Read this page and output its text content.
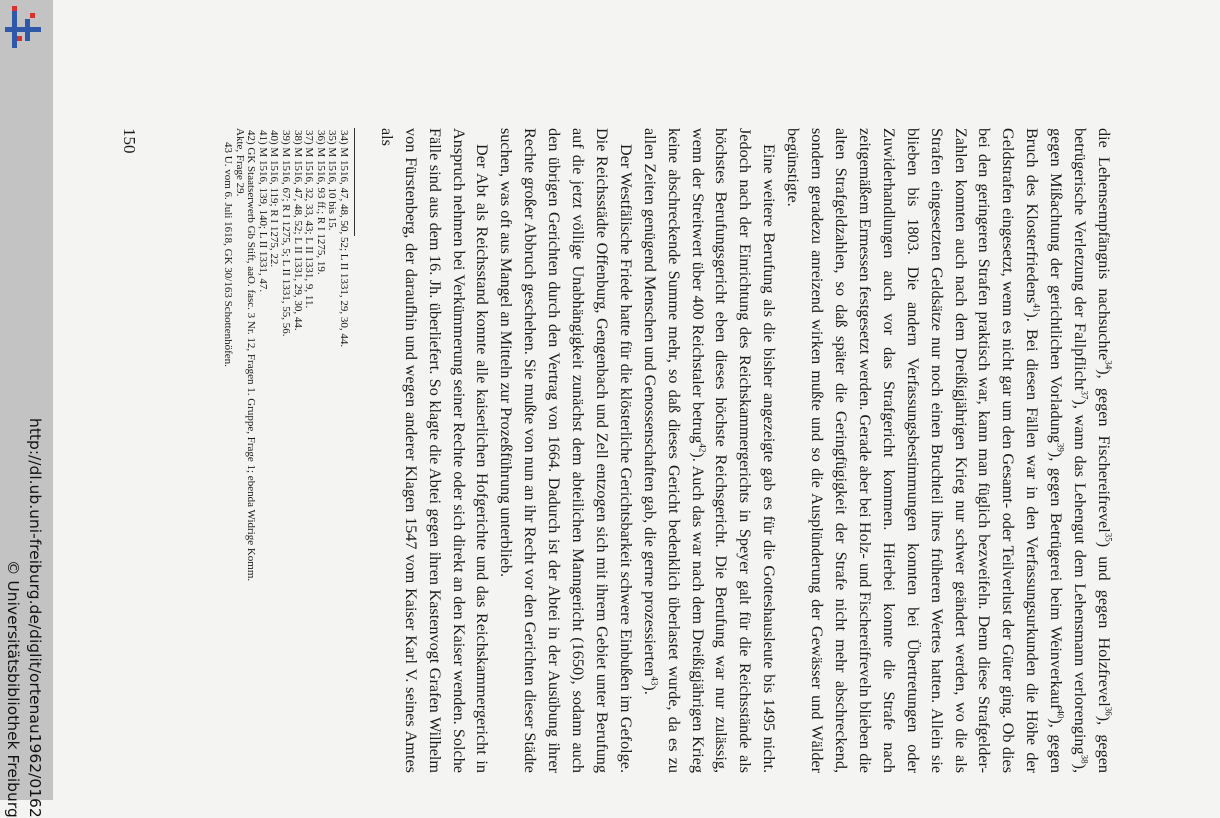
http://dl.ub.uni-freiburg.de/diglit/ortenau1962/0162
© Universitätsbibliothek Freiburg

die Lehensempfängnis nachsuchte$^{34}$), gegen Fischereifrevel$^{35}$) und gegen Holzfrevel$^{36}$), gegen betrügerische Verletzung der Fallpflicht$^{37}$), wann das Lehengut dem Lehensmann verlorenging$^{38}$), gegen Mißachtung der gerichtlichen Vorladung$^{39}$), gegen Betrügerei beim Weinverkauf$^{40}$), gegen Bruch des Klosterfriedens$^{41}$). Bei diesen Fällen war in den Verfassungsurkunden die Höhe der Geldstrafen eingesetzt, wenn es nicht gar um den Gesamt- oder Teilverlust der Güter ging. Ob dies bei den geringeren Strafen praktisch war, kann man füglich bezweifeln. Denn diese Strafgelder-Zahlen konnten auch nach dem Dreißigjährigen Krieg nur schwer geändert werden, wo die als Strafen eingesetzten Geldsätze nur noch einen Bruchteil ihres früheren Wertes hatten. Allein sie blieben bis 1803. Die andern Verfassungsbestimmungen konnten bei Übertretungen oder Zuwiderhandlungen auch vor das Strafgericht kommen. Hierbei konnte die Strafe nach zeitgemäßem Ermessen festgesetzt werden. Gerade aber bei Holz- und Fischereifreveln blieben die alten Strafgeldzahlen, so daß später die Geringfügigkeit der Strafe nicht mehr abschreckend, sondern geradezu anreizend wirken mußte und so die Ausplünderung der Gewässer und Wälder begünstigte.

Eine weitere Berufung als die bisher angezeigte gab es für die Gotteshausleute bis 1495 nicht. Jedoch nach der Einrichtung des Reichskammergerichts in Speyer galt für die Reichsstände als höchstes Berufungsgericht eben dieses höchste Reichsgericht. Die Berufung war nur zulässig, wenn der Streitwert über 400 Reichstaler betrug$^{42}$). Auch das war nach dem Dreißigjährigen Krieg keine abschreckende Summe mehr, so daß dieses Gericht bedenklich überlastet wurde, da es zu allen Zeiten genügend Menschen und Genossenschaften gab, die gerne prozessierten$^{43}$).

Der Westfälische Friede hatte für die klösterliche Gerichtsbarkeit schwere Einbußen im Gefolge. Die Reichsstädte Offenburg, Gengenbach und Zell entzogen sich mit ihrem Gebiet unter Berufung auf die jetzt völlige Unabhängigkeit zunächst dem abteilichen Manngericht (1650), sodann auch den übrigen Gerichten durch den Vertrag von 1664. Dadurch ist der Abtei in der Ausübung ihrer Rechte großer Abbruch geschehen. Sie mußte von nun an ihr Recht vor den Gerichten dieser Städte suchen, was oft aus Mangel an Mitteln zur Prozeßführung unterblieb.

Der Abt als Reichsstand konnte alle kaiserlichen Hofgerichte und das Reichskammergericht in Anspruch nehmen bei Verkümmerung seiner Rechte oder sich direkt an den Kaiser wenden. Solche Fälle sind aus dem 16. Jh. überliefert. So klagte die Abtei gegen ihren Kastenvogt Grafen Wilhelm von Fürstenberg, der daraufhin und wegen anderer Klagen 1547 vom Kaiser Karl V. seines Amtes als

34) M 1516, 47, 48, 50, 52; L II 1331, 29, 30, 44.

35) M 1516, 10 bis 15.

36) M 1516, 93 ff.; R I 1275, 19.

37) M 1516, 32, 33, 43; L II 1331, 9, 11.

38) M 1516, 47, 48, 52; L II 1331, 29, 30, 44.

39) M 1516, 67; R I 1275, 5; L II 1331, 55, 56.

40) M 1516, 119; R I 1275, 22.

41) M 1516, 139, 140; L II 1331, 47.

42) GK Staatserwerb Gb Stift, aaO. fasc. 3 Nr. 12, Fragen 1. Gruppe, Frage 1; ebenda Widrige Komm.

Akte, Frage 29.

43 U. vom 6. Juli 1618, GK 30/163 Schottenhöfen.

150
